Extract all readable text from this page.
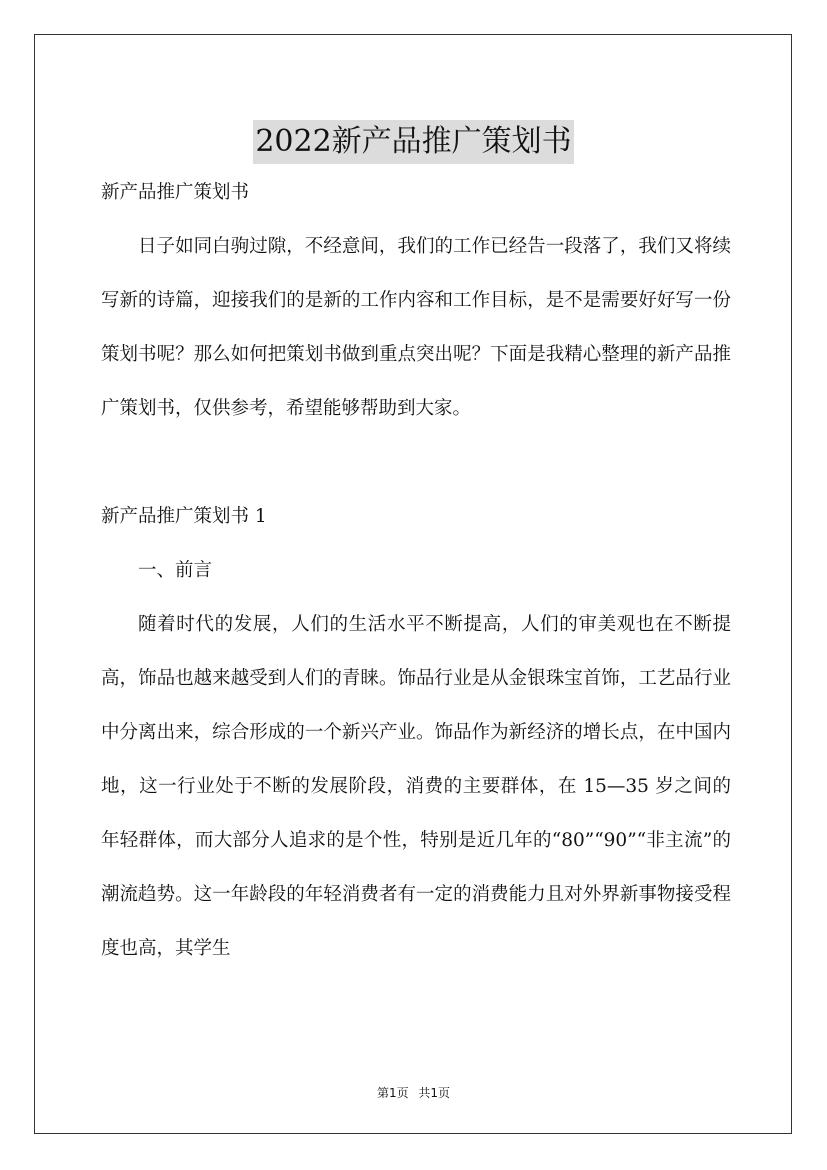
2022新产品推广策划书

新产品推广策划书

日子如同白驹过隙，不经意间，我们的工作已经告一段落了，我们又将续写新的诗篇，迎接我们的是新的工作内容和工作目标，是不是需要好好写一份策划书呢？那么如何把策划书做到重点突出呢？下面是我精心整理的新产品推广策划书，仅供参考，希望能够帮助到大家。

新产品推广策划书 1

一、前言

随着时代的发展，人们的生活水平不断提高，人们的审美观也在不断提高，饰品也越来越受到人们的青睐。饰品行业是从金银珠宝首饰，工艺品行业中分离出来，综合形成的一个新兴产业。饰品作为新经济的增长点，在中国内地，这一行业处于不断的发展阶段，消费的主要群体，在 15—35 岁之间的年轻群体，而大部分人追求的是个性，特别是近几年的“80”“90”“非主流”的潮流趋势。这一年龄段的年轻消费者有一定的消费能力且对外界新事物接受程度也高，其学生

第1页 共1页
